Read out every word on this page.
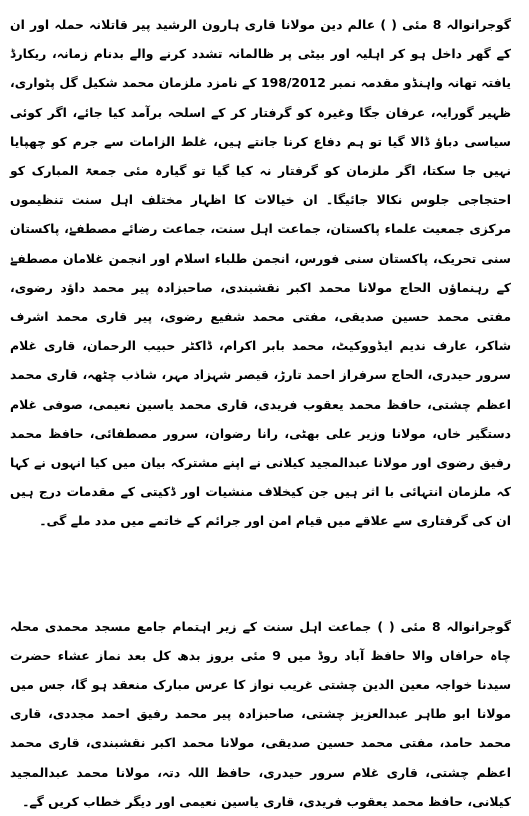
گوجرانوالہ 8 مئی ( ) عالم دین مولانا قاری ہارون الرشید پیر قاتلانہ حملہ اور ان کے گھر داخل ہو کر اہلیہ اور بیٹی پر ظالمانہ تشدد کرنے والے بدنام زمانہ، ریکارڈ یافتہ تھانہ واہنڈو مقدمہ نمبر 198/2012 کے نامزد ملزمان محمد شکیل گل پٹواری، ظہیر گورایہ، عرفان جگا وغیرہ کو گرفتار کر کے اسلحہ برآمد کیا جائے، اگر کوئی سیاسی دباؤ ڈالا گیا تو ہم دفاع کرنا جانتے ہیں، غلط الزامات سے جرم کو چھپایا نہیں جا سکتا، اگر ملزمان کو گرفتار نہ کیا گیا تو گیارہ مئی جمعۃ المبارک کو احتجاجی جلوس نکالا جائیگا۔ ان خیالات کا اظہار مختلف اہل سنت تنظیموں مرکزی جمعیت علماء پاکستان، جماعت اہل سنت، جماعت رضائے مصطفےٰ، پاکستان سنی تحریک، پاکستان سنی فورس، انجمن طلباء اسلام اور انجمن غلامان مصطفےٰ کے رہنماؤں الحاج مولانا محمد اکبر نقشبندی، صاحبزادہ پیر محمد داؤد رضوی، مفتی محمد حسین صدیقی، مفتی محمد شفیع رضوی، پیر قاری محمد اشرف شاکر، عارف ندیم ایڈووکیٹ، محمد بابر اکرام، ڈاکٹر حبیب الرحمان، قاری غلام سرور حیدری، الحاج سرفراز احمد تارڑ، قیصر شہزاد مہر، شاذب چٹھہ، قاری محمد اعظم چشتی، حافظ محمد یعقوب فریدی، قاری محمد یاسین نعیمی، صوفی غلام دستگیر خاں، مولانا وزیر علی بھٹی، رانا رضوان، سرور مصطفائی، حافظ محمد رفیق رضوی اور مولانا عبدالمجید کیلانی نے اپنے مشترکہ بیان میں کیا انہوں نے کہا کہ ملزمان انتہائی با اثر ہیں جن کیخلاف منشیات اور ڈکیتی کے مقدمات درج ہیں ان کی گرفتاری سے علاقے میں قیام امن اور جرائم کے خاتمے میں مدد ملے گی۔

گوجرانوالہ 8 مئی ( ) جماعت اہل سنت کے زیر اہتمام جامع مسجد محمدی محلہ چاہ حرافاں والا حافظ آباد روڈ میں 9 مئی بروز بدھ کل بعد نماز عشاء حضرت سیدنا خواجہ معین الدین چشتی غریب نواز کا عرس مبارک منعقد ہو گا، جس میں مولانا ابو طاہر عبدالعزیز چشتی، صاحبزادہ پیر محمد رفیق احمد مجددی، قاری محمد حامد، مفتی محمد حسین صدیقی، مولانا محمد اکبر نقشبندی، قاری محمد اعظم چشتی، قاری غلام سرور حیدری، حافظ اللہ دتہ، مولانا محمد عبدالمجید کیلانی، حافظ محمد یعقوب فریدی، قاری یاسین نعیمی اور دیگر خطاب کریں گے۔
